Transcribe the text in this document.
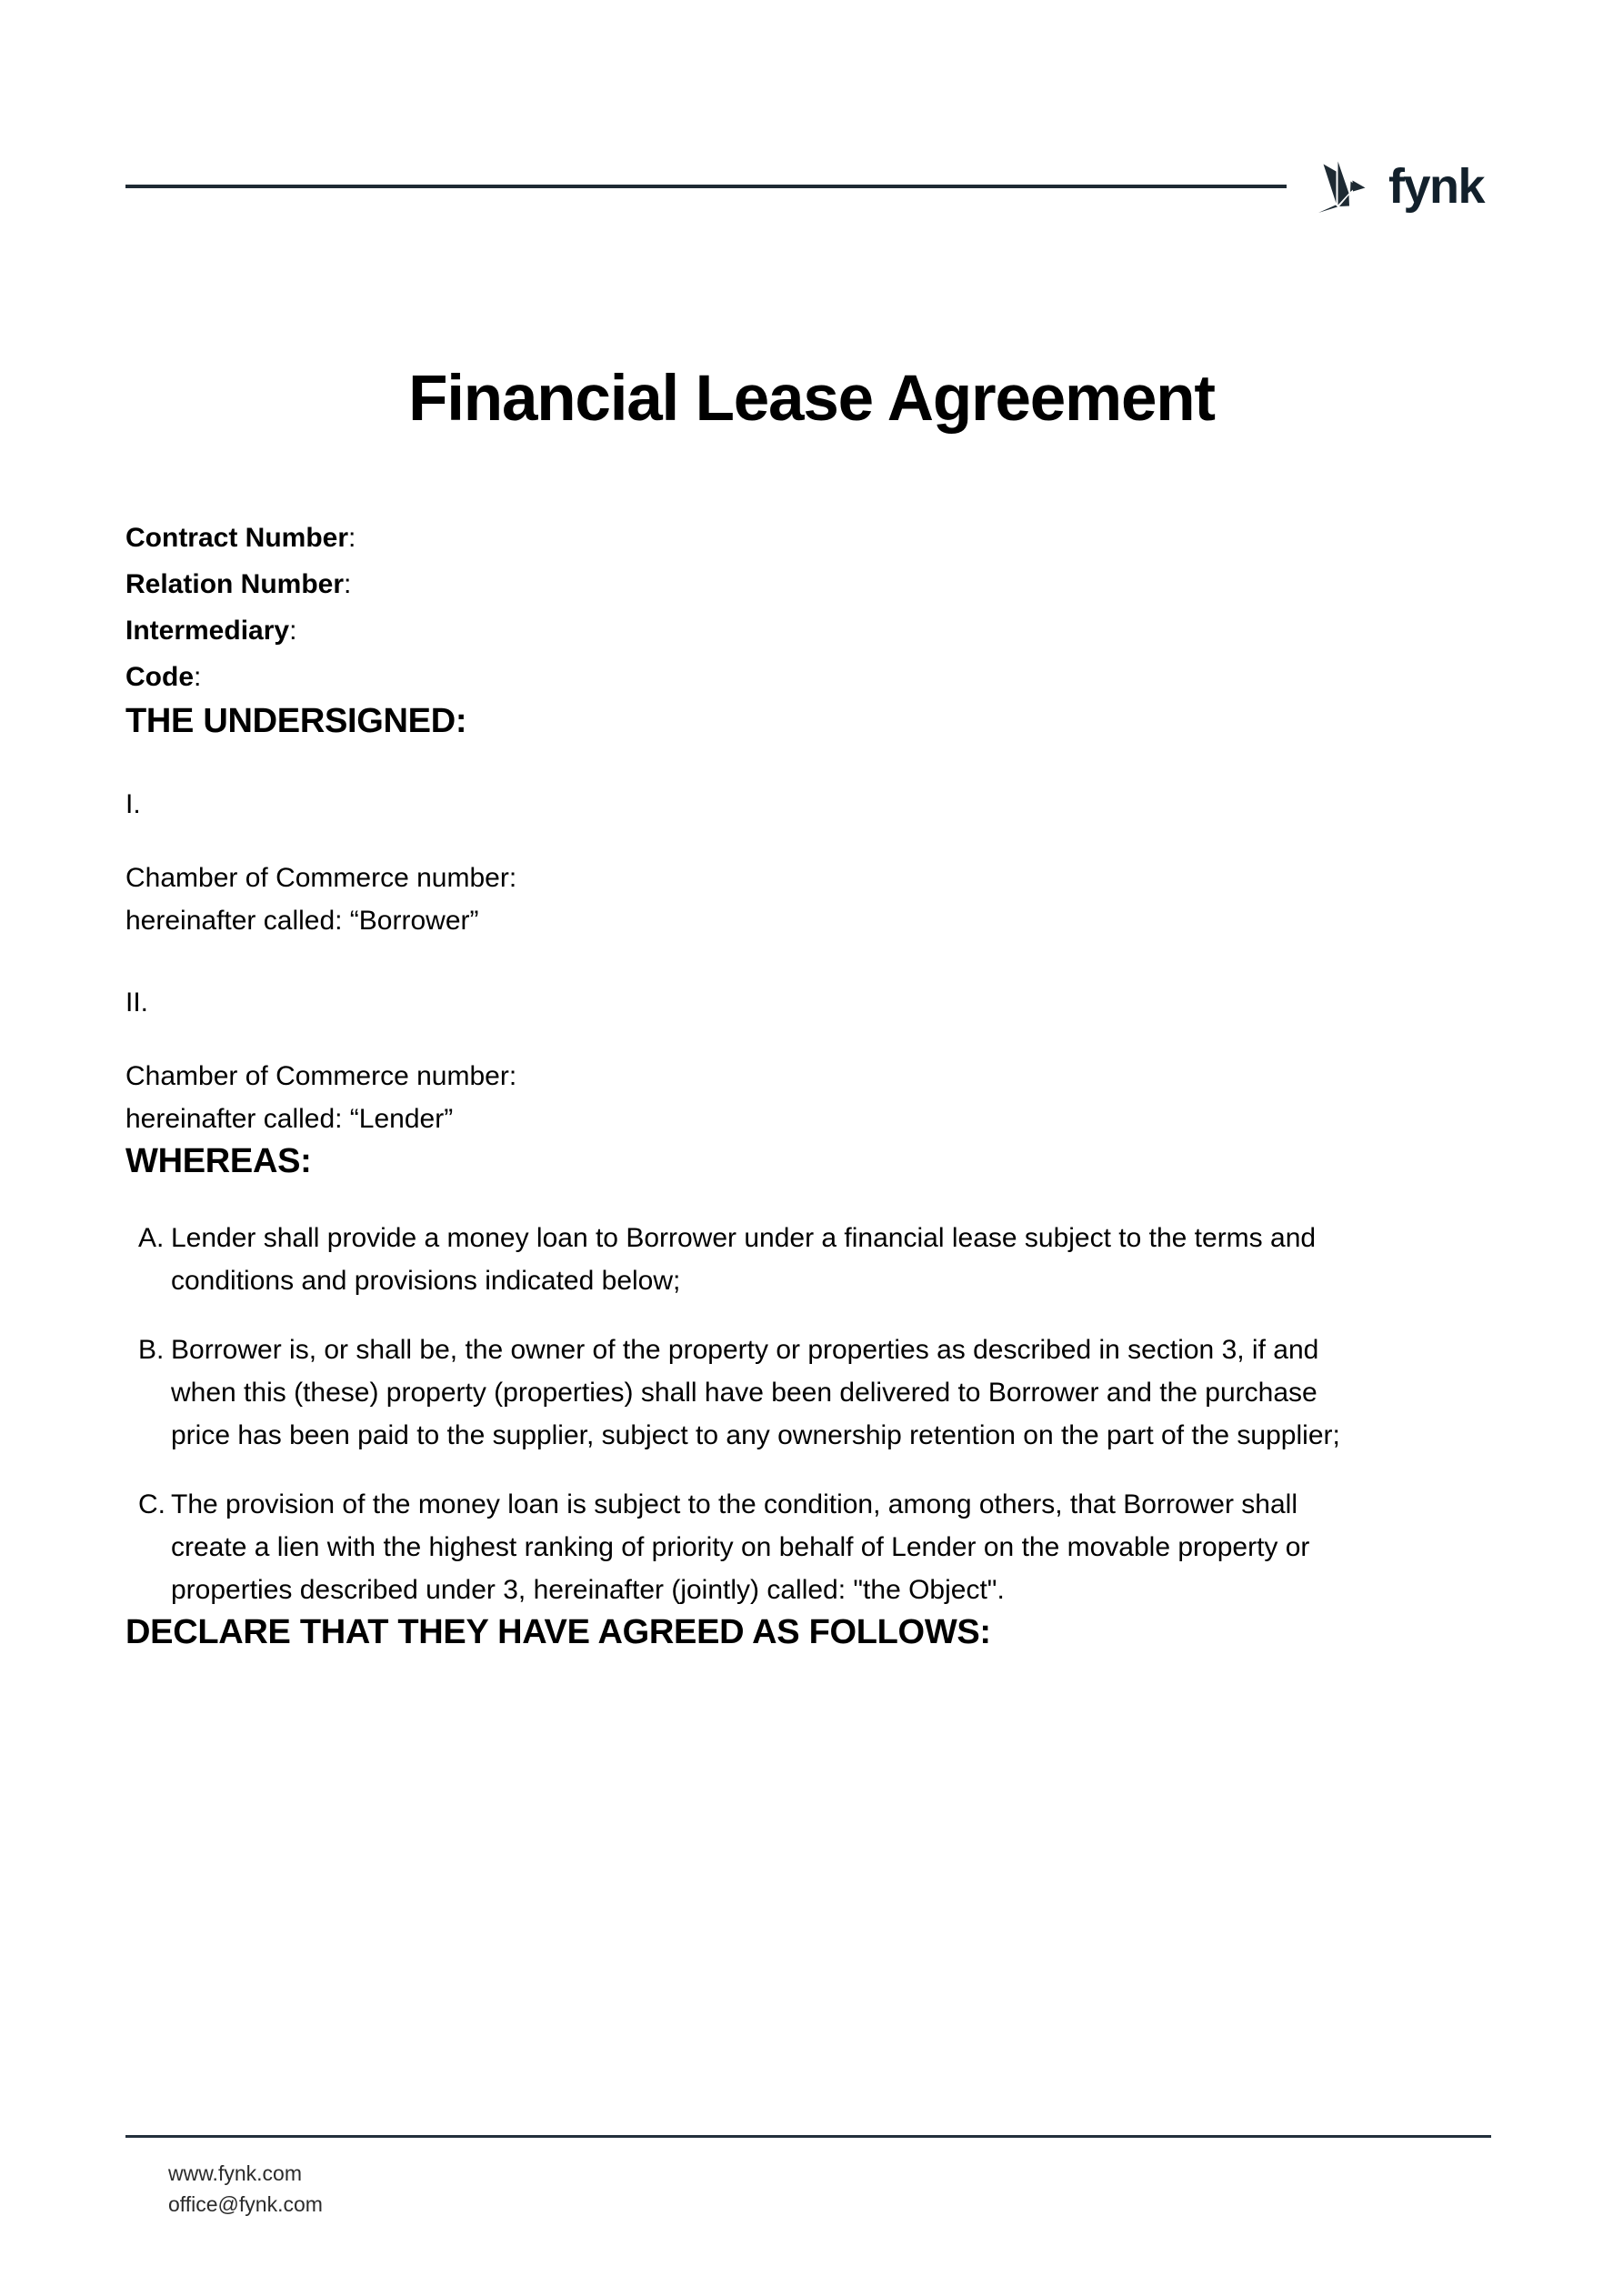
fynk
Financial Lease Agreement
Contract Number:
Relation Number:
Intermediary:
Code:
THE UNDERSIGNED:
I.
Chamber of Commerce number:
hereinafter called: “Borrower”
II.
Chamber of Commerce number:
hereinafter called: “Lender”
WHEREAS:
A. Lender shall provide a money loan to Borrower under a financial lease subject to the terms and conditions and provisions indicated below;
B. Borrower is, or shall be, the owner of the property or properties as described in section 3, if and when this (these) property (properties) shall have been delivered to Borrower and the purchase price has been paid to the supplier, subject to any ownership retention on the part of the supplier;
C. The provision of the money loan is subject to the condition, among others, that Borrower shall create a lien with the highest ranking of priority on behalf of Lender on the movable property or properties described under 3, hereinafter (jointly) called: "the Object".
DECLARE THAT THEY HAVE AGREED AS FOLLOWS:
www.fynk.com
office@fynk.com
